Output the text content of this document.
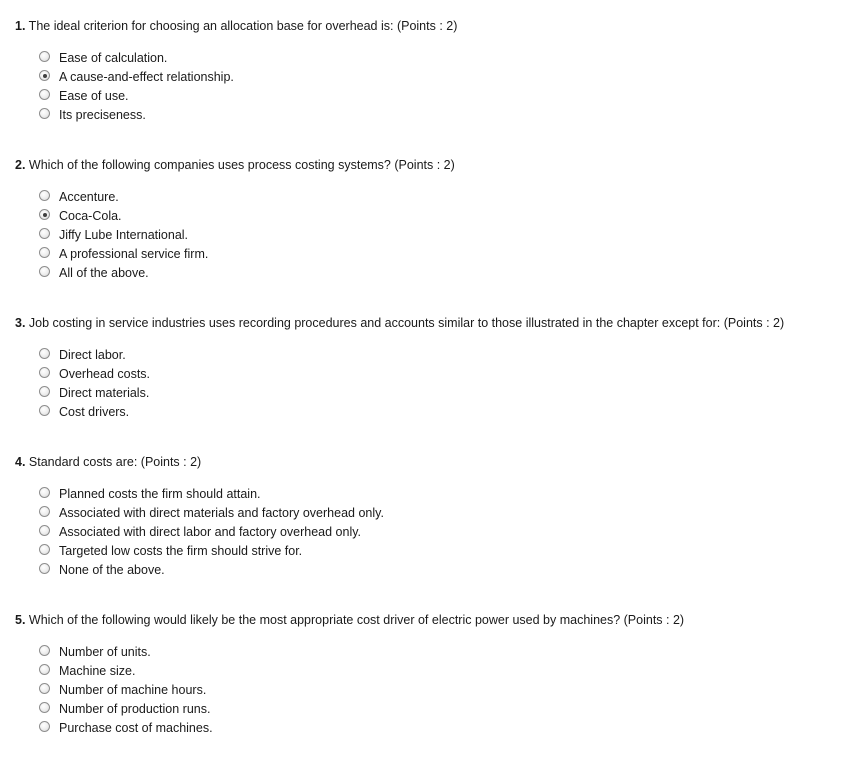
1. The ideal criterion for choosing an allocation base for overhead is: (Points : 2)
Ease of calculation.
A cause-and-effect relationship.
Ease of use.
Its preciseness.
2. Which of the following companies uses process costing systems? (Points : 2)
Accenture.
Coca-Cola.
Jiffy Lube International.
A professional service firm.
All of the above.
3. Job costing in service industries uses recording procedures and accounts similar to those illustrated in the chapter except for: (Points : 2)
Direct labor.
Overhead costs.
Direct materials.
Cost drivers.
4. Standard costs are: (Points : 2)
Planned costs the firm should attain.
Associated with direct materials and factory overhead only.
Associated with direct labor and factory overhead only.
Targeted low costs the firm should strive for.
None of the above.
5. Which of the following would likely be the most appropriate cost driver of electric power used by machines? (Points : 2)
Number of units.
Machine size.
Number of machine hours.
Number of production runs.
Purchase cost of machines.
